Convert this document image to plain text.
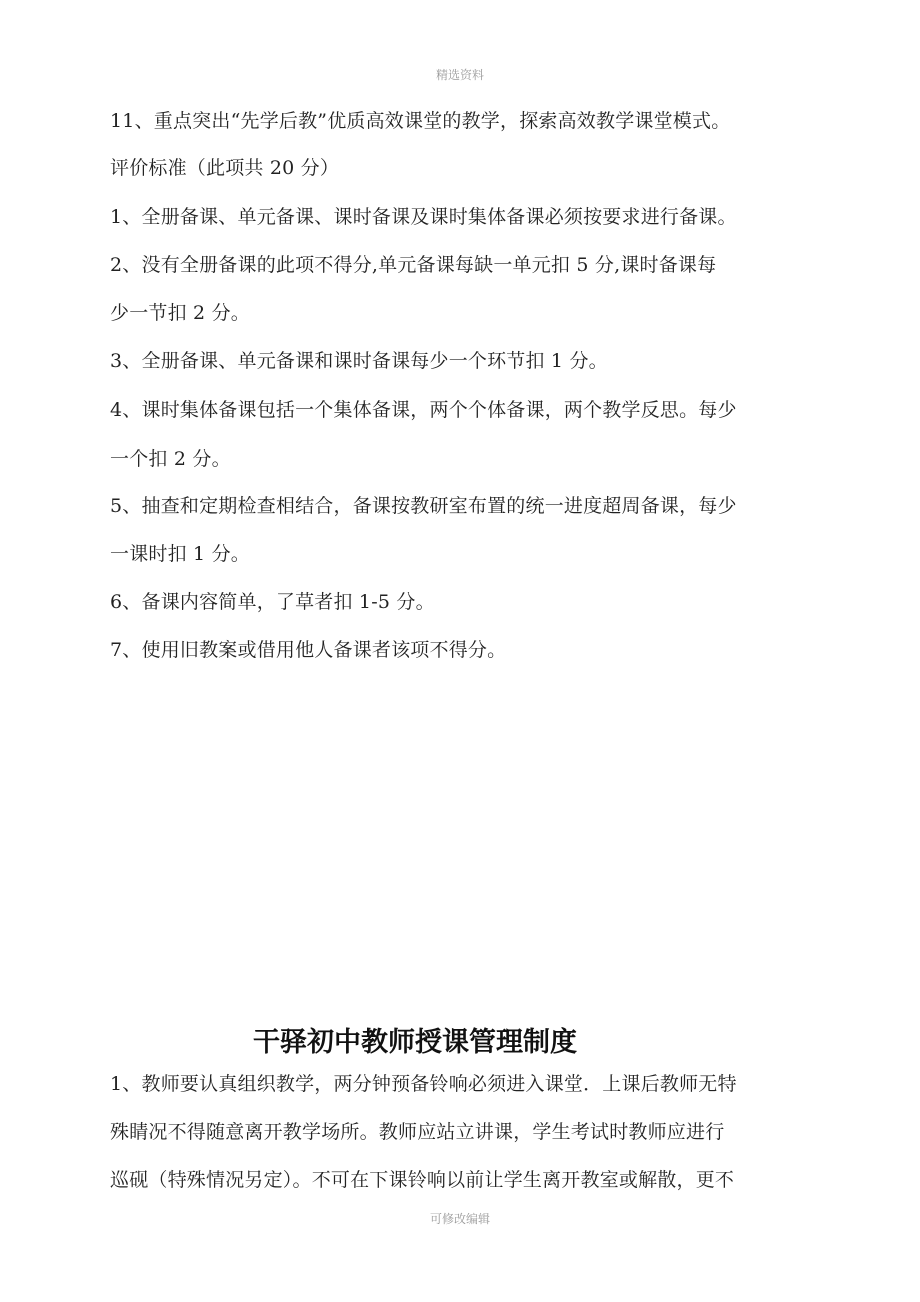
精选资料
11、重点突出“先学后教”优质高效课堂的教学，探索高效教学课堂模式。
评价标准（此项共 20 分）
1、全册备课、单元备课、课时备课及课时集体备课必须按要求进行备课。
2、没有全册备课的此项不得分,单元备课每缺一单元扣 5 分,课时备课每
少一节扣 2 分。
3、全册备课、单元备课和课时备课每少一个环节扣 1 分。
4、课时集体备课包括一个集体备课，两个个体备课，两个教学反思。每少
一个扣 2 分。
5、抽查和定期检查相结合，备课按教研室布置的统一进度超周备课，每少
一课时扣 1 分。
6、备课内容简单，了草者扣 1-5 分。
7、使用旧教案或借用他人备课者该项不得分。
干驿初中教师授课管理制度
1、教师要认真组织教学，两分钟预备铃响必须进入课堂．上课后教师无特
殊睛况不得随意离开教学场所。教师应站立讲课，学生考试时教师应进行
巡砚（特殊情况另定）。不可在下课铃响以前让学生离开教室或解散，更不
可修改编辑
